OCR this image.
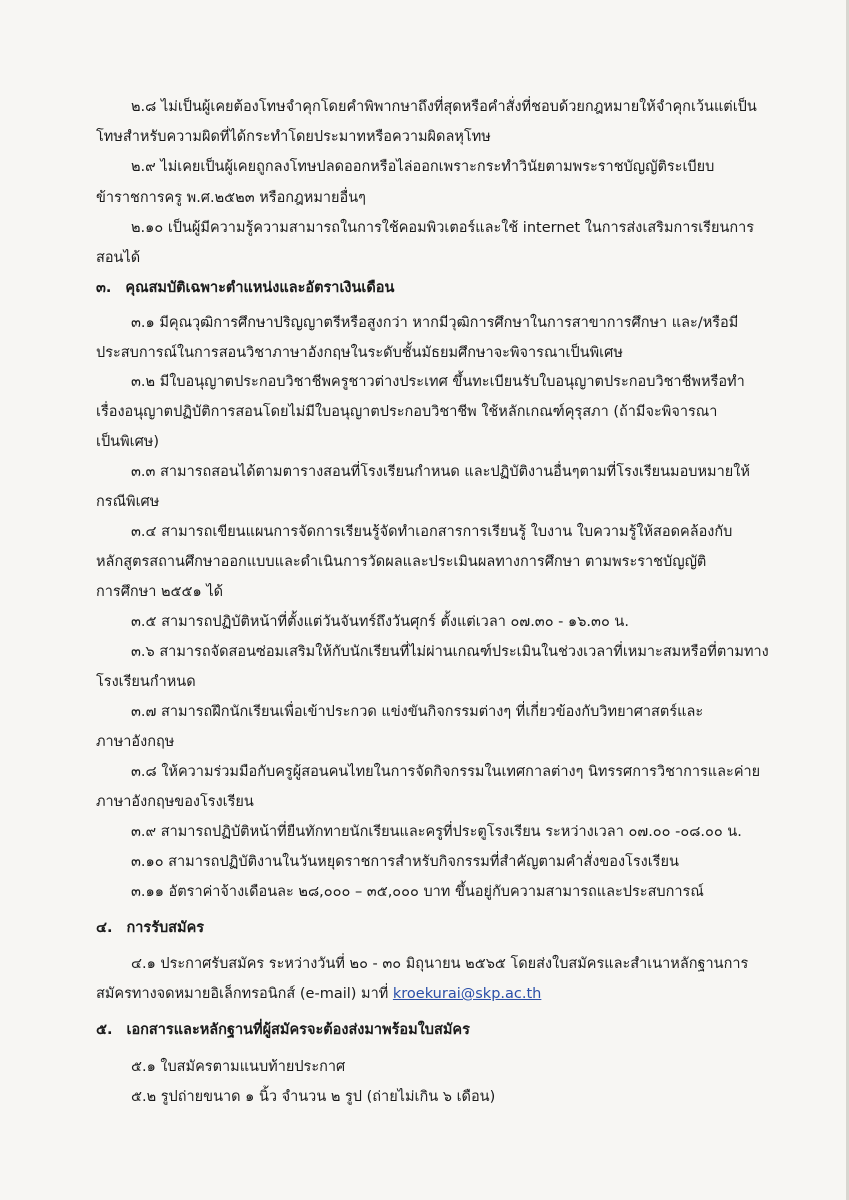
๒.๘ ไม่เป็นผู้เคยต้องโทษจำคุกโดยคำพิพากษาถึงที่สุดหรือคำสั่งที่ชอบด้วยกฎหมายให้จำคุกเว้นแต่เป็น
โทษสำหรับความผิดที่ได้กระทำโดยประมาทหรือความผิดลหุโทษ
๒.๙ ไม่เคยเป็นผู้เคยถูกลงโทษปลดออกหรือไล่ออกเพราะกระทำวินัยตามพระราชบัญญัติระเบียบ
ข้าราชการครู พ.ศ.๒๕๒๓ หรือกฎหมายอื่นๆ
๒.๑๐ เป็นผู้มีความรู้ความสามารถในการใช้คอมพิวเตอร์และใช้ internet ในการส่งเสริมการเรียนการ
สอนได้
๓. คุณสมบัติเฉพาะตำแหน่งและอัตราเงินเดือน
๓.๑ มีคุณวุฒิการศึกษาปริญญาตรีหรือสูงกว่า หากมีวุฒิการศึกษาในการสาขาการศึกษา และ/หรือมี
ประสบการณ์ในการสอนวิชาภาษาอังกฤษในระดับชั้นมัธยมศึกษาจะพิจารณาเป็นพิเศษ
๓.๒ มีใบอนุญาตประกอบวิชาชีพครูชาวต่างประเทศ ขึ้นทะเบียนรับใบอนุญาตประกอบวิชาชีพหรือทำ
เรื่องอนุญาตปฏิบัติการสอนโดยไม่มีใบอนุญาตประกอบวิชาชีพ ใช้หลักเกณฑ์คุรุสภา (ถ้ามีจะพิจารณา
เป็นพิเศษ)
๓.๓ สามารถสอนได้ตามตารางสอนที่โรงเรียนกำหนด และปฏิบัติงานอื่นๆตามที่โรงเรียนมอบหมายให้
กรณีพิเศษ
๓.๔ สามารถเขียนแผนการจัดการเรียนรู้จัดทำเอกสารการเรียนรู้ ใบงาน ใบความรู้ให้สอดคล้องกับ
หลักสูตรสถานศึกษาออกแบบและดำเนินการวัดผลและประเมินผลทางการศึกษา ตามพระราชบัญญัติ
การศึกษา ๒๕๕๑ ได้
๓.๕ สามารถปฏิบัติหน้าที่ตั้งแต่วันจันทร์ถึงวันศุกร์ ตั้งแต่เวลา ๐๗.๓๐ - ๑๖.๓๐ น.
๓.๖ สามารถจัดสอนซ่อมเสริมให้กับนักเรียนที่ไม่ผ่านเกณฑ์ประเมินในช่วงเวลาที่เหมาะสมหรือที่ตามทาง
โรงเรียนกำหนด
๓.๗ สามารถฝึกนักเรียนเพื่อเข้าประกวด แข่งขันกิจกรรมต่างๆ ที่เกี่ยวข้องกับวิทยาศาสตร์และ
ภาษาอังกฤษ
๓.๘ ให้ความร่วมมือกับครูผู้สอนคนไทยในการจัดกิจกรรมในเทศกาลต่างๆ นิทรรศการวิชาการและค่าย
ภาษาอังกฤษของโรงเรียน
๓.๙ สามารถปฏิบัติหน้าที่ยืนทักทายนักเรียนและครูที่ประตูโรงเรียน ระหว่างเวลา ๐๗.๐๐ -๐๘.๐๐ น.
๓.๑๐ สามารถปฏิบัติงานในวันหยุดราชการสำหรับกิจกรรมที่สำคัญตามคำสั่งของโรงเรียน
๓.๑๑ อัตราค่าจ้างเดือนละ ๒๘,๐๐๐ – ๓๕,๐๐๐ บาท ขึ้นอยู่กับความสามารถและประสบการณ์
๔. การรับสมัคร
๔.๑ ประกาศรับสมัคร ระหว่างวันที่ ๒๐ - ๓๐ มิถุนายน ๒๕๖๕ โดยส่งใบสมัครและสำเนาหลักฐานการ
สมัครทางจดหมายอิเล็กทรอนิกส์ (e-mail) มาที่ kroekurai@skp.ac.th
๕. เอกสารและหลักฐานที่ผู้สมัครจะต้องส่งมาพร้อมใบสมัคร
๕.๑ ใบสมัครตามแนบท้ายประกาศ
๕.๒ รูปถ่ายขนาด ๑ นิ้ว จำนวน ๒ รูป (ถ่ายไม่เกิน ๖ เดือน)
